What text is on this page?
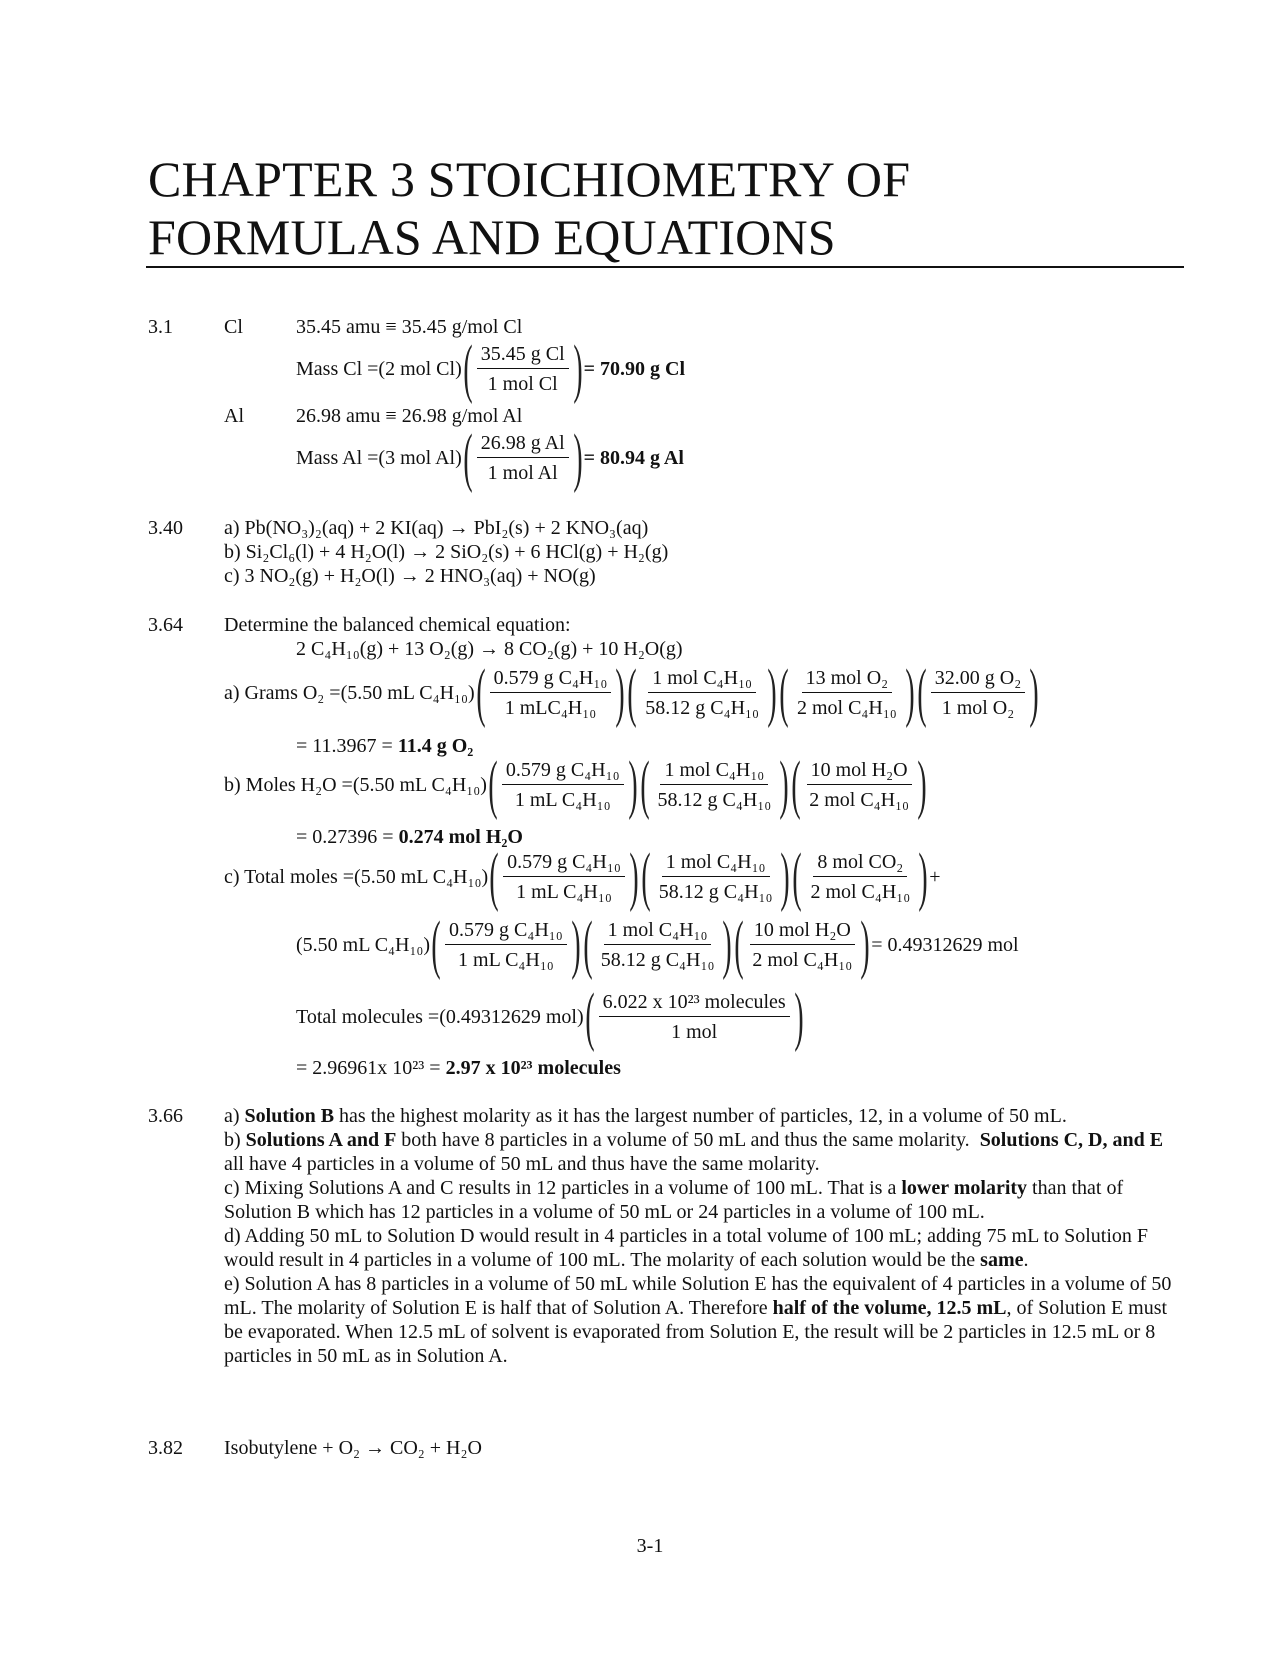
CHAPTER 3 STOICHIOMETRY OF
FORMULAS AND EQUATIONS
3.1	Cl	35.45 amu ≡ 35.45 g/mol Cl
Mass Cl = (2 mol Cl) ( $\frac{\text{35.45 g Cl}}{\text{1 mol Cl}}$ ) = 70.90 g Cl
Al	26.98 amu ≡ 26.98 g/mol Al
Mass Al = (3 mol Al) ( $\frac{\text{26.98 g Al}}{\text{1 mol Al}}$ ) = 80.94 g Al
3.40 a) Pb(NO₃)₂(aq) + 2 KI(aq) → PbI₂(s) + 2 KNO₃(aq)
b) Si₂Cl₆(l) + 4 H₂O(l) → 2 SiO₂(s) + 6 HCl(g) + H₂(g)
c) 3 NO₂(g) + H₂O(l) → 2 HNO₃(aq) + NO(g)
3.64 Determine the balanced chemical equation:
2 C₄H₁₀(g) + 13 O₂(g) → 8 CO₂(g) + 10 H₂O(g)
a) Grams O₂ = (5.50 mL C₄H₁₀) ( $\frac{\text{0.579 g C₄H₁₀}}{\text{1 mLC₄H₁₀}}$ ) ( $\frac{\text{1 mol C₄H₁₀}}{\text{58.12 g C₄H₁₀}}$ ) ( $\frac{\text{13 mol O₂}}{\text{2 mol C₄H₁₀}}$ ) ( $\frac{\text{32.00 g O₂}}{\text{1 mol O₂}}$ )
= 11.3967 = 11.4 g O₂
b) Moles H₂O = (5.50 mL C₄H₁₀) ( $\frac{\text{0.579 g C₄H₁₀}}{\text{1 mL C₄H₁₀}}$ ) ( $\frac{\text{1 mol C₄H₁₀}}{\text{58.12 g C₄H₁₀}}$ ) ( $\frac{\text{10 mol H₂O}}{\text{2 mol C₄H₁₀}}$ )
= 0.27396 = 0.274 mol H₂O
c) Total moles = (5.50 mL C₄H₁₀) ( $\frac{\text{0.579 g C₄H₁₀}}{\text{1 mL C₄H₁₀}}$ ) ( $\frac{\text{1 mol C₄H₁₀}}{\text{58.12 g C₄H₁₀}}$ ) ( $\frac{\text{8 mol CO₂}}{\text{2 mol C₄H₁₀}}$ ) +
(5.50 mL C₄H₁₀) ( $\frac{\text{0.579 g C₄H₁₀}}{\text{1 mL C₄H₁₀}}$ ) ( $\frac{\text{1 mol C₄H₁₀}}{\text{58.12 g C₄H₁₀}}$ ) ( $\frac{\text{10 mol H₂O}}{\text{2 mol C₄H₁₀}}$ ) = 0.49312629 mol
Total molecules = (0.49312629 mol) ( $\frac{\text{6.022 x 10²³ molecules}}{\text{1 mol}}$ )
= 2.96961x 10²³ = 2.97 x 10²³ molecules
3.66 a) Solution B has the highest molarity as it has the largest number of particles, 12, in a volume of 50 mL.
b) Solutions A and F both have 8 particles in a volume of 50 mL and thus the same molarity.  Solutions C, D, and E all have 4 particles in a volume of 50 mL and thus have the same molarity.
c) Mixing Solutions A and C results in 12 particles in a volume of 100 mL. That is a lower molarity than that of Solution B which has 12 particles in a volume of 50 mL or 24 particles in a volume of 100 mL.
d) Adding 50 mL to Solution D would result in 4 particles in a total volume of 100 mL; adding 75 mL to Solution F would result in 4 particles in a volume of 100 mL. The molarity of each solution would be the same.
e) Solution A has 8 particles in a volume of 50 mL while Solution E has the equivalent of 4 particles in a volume of 50 mL. The molarity of Solution E is half that of Solution A. Therefore half of the volume, 12.5 mL, of Solution E must be evaporated. When 12.5 mL of solvent is evaporated from Solution E, the result will be 2 particles in 12.5 mL or 8 particles in 50 mL as in Solution A.
3.82 Isobutylene + O₂ → CO₂ + H₂O
3-1
